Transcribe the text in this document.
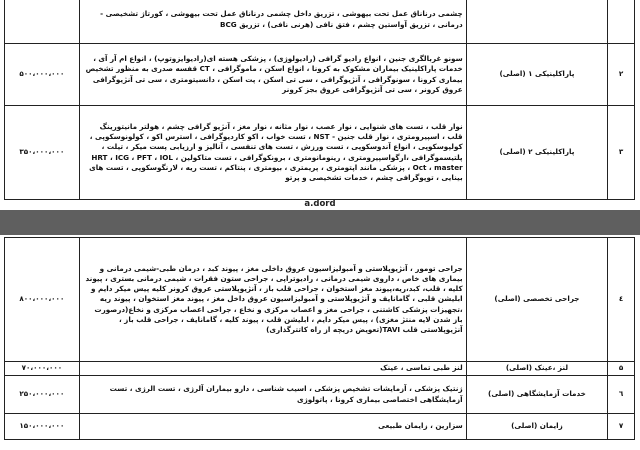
		چشمی درناناق عمل تحت بیهوشی ، تزریق داخل چشمی درناناق عمل تحت بیهوشی ، کورتاژ تشخیصی - درمانی ، تزریق آواستین چشم ، فتق نافی (هرنی نافی) ، تزریق BCG	
۲	پاراکلینیکی ۱ (اصلی)	سونو غربالگری جنین ، انواع رادیو گرافی (رادیولوژی) ، پزشکی هسته ای(رادیوایزوتوپ) ، انواع ام آر آی ، خدمات پاراکلینیک بیماران مشکوک به کرونا ، انواع اسکن ، ماموگرافی ، CT قفسه صدری به منظور تشخیص بیماری کرونا ، سونوگرافی ، آنژیوگرافی ، سی تی اسکن ، پت اسکن ، دانسیتومتری ، سی تی آنژیوگرافی عروق کرونر ، سی تی آنژیوگرافی عروق بجز کرونر	۵۰۰،۰۰۰،۰۰۰
۳	پاراکلینیکی ۲ (اصلی)	نوار قلب ، تست های شنوایی ، نوار عصب ، نوار مثانه ، نوار مغز ، آنژیو گرافی چشم ، هولتر مانیتورینگ قلب ، اسپیرومتری ، نوار قلب جنین - NST ، تست خواب ، اکو کاردیوگرافی ، استرس اکو ، کولونوسکوپی ، کولپوسکوپی ، انواع آندوسکوپی ، تست ورزش ، تست های تنفسی ، آنالیز و ارزیابی پست میکر ، تیلت ، پلتیسموگرافی ،ارگواسپیرومتری ، رینومانومتری ، برونکوگرافی ، تست متاکولین HRT ، ICG ، PFT ، IOL ، Oct ، master ، پزشکی مانند اپتومتری ، پریمتری ، بیومتری ، پنتاکم ، تست ریه ، لارنگوسکوپی ، تست های بینایی ، توپوگرافی چشم ، خدمات تشخیصی و پرتو	۳۵۰،۰۰۰،۰۰۰
a.dord
٤	جراحی تخصصی (اصلی)	جراحی تومور ، آنژیوپلاستی و آمبولیزاسیون عروق داخلی مغز ، پیوند کبد ، درمان طبی-شیمی درمانی و بیماری های خاص ، داروی شیمی درمانی ، رادیوتراپی ، جراحی ستون فقرات ، شیمی درمانی بستری ، پیوند کلیه ، قلب، کبد،ریه،پیوند مغز استخوان ، جراحی قلب باز ، آنژیوپلاستی عروق کرونر کلیه پیس میکر دایم و ابلیشن قلبی ، گامانایف و آنژیوپلاستی و آمبولیزاسیون عروق داخل مغز ، پیوند مغز استخوان ، پیوند ریه ،تجهیزات پزشکی کاشتنی ، جراحی مغز و اعصاب مرکزی و نخاع ، جراحی اعصاب مرکزی و نخاع(درصورت باز شدن لایه منتژ مغزی) ، پیس میکر دایم ، ابلیشن قلب ، پیوند کلیه ، گامانایف ، جراحی قلب باز ، آنژیوپلاستی قلب TAVI(تعویض دریچه از راه کاتترگذاری)	۸۰۰،۰۰۰،۰۰۰
۵	لنز ،عینک (اصلی)	لنز طبی تماسی ، عینک	۷۰،۰۰۰،۰۰۰
٦	خدمات آزمایشگاهی (اصلی)	ژنتیک پزشکی ، آزمایشات تشخیص پزشکی ، اسیب شناسی ، دارو بیماران آلرژی ، تست الرژی ، تست آزمایشگاهی اختصاصی بیماری کرونا ، پاتولوژی	۲۵۰،۰۰۰،۰۰۰
۷	زایمان (اصلی)	سزارین ، زایمان طبیعی	۱۵۰،۰۰۰،۰۰۰
